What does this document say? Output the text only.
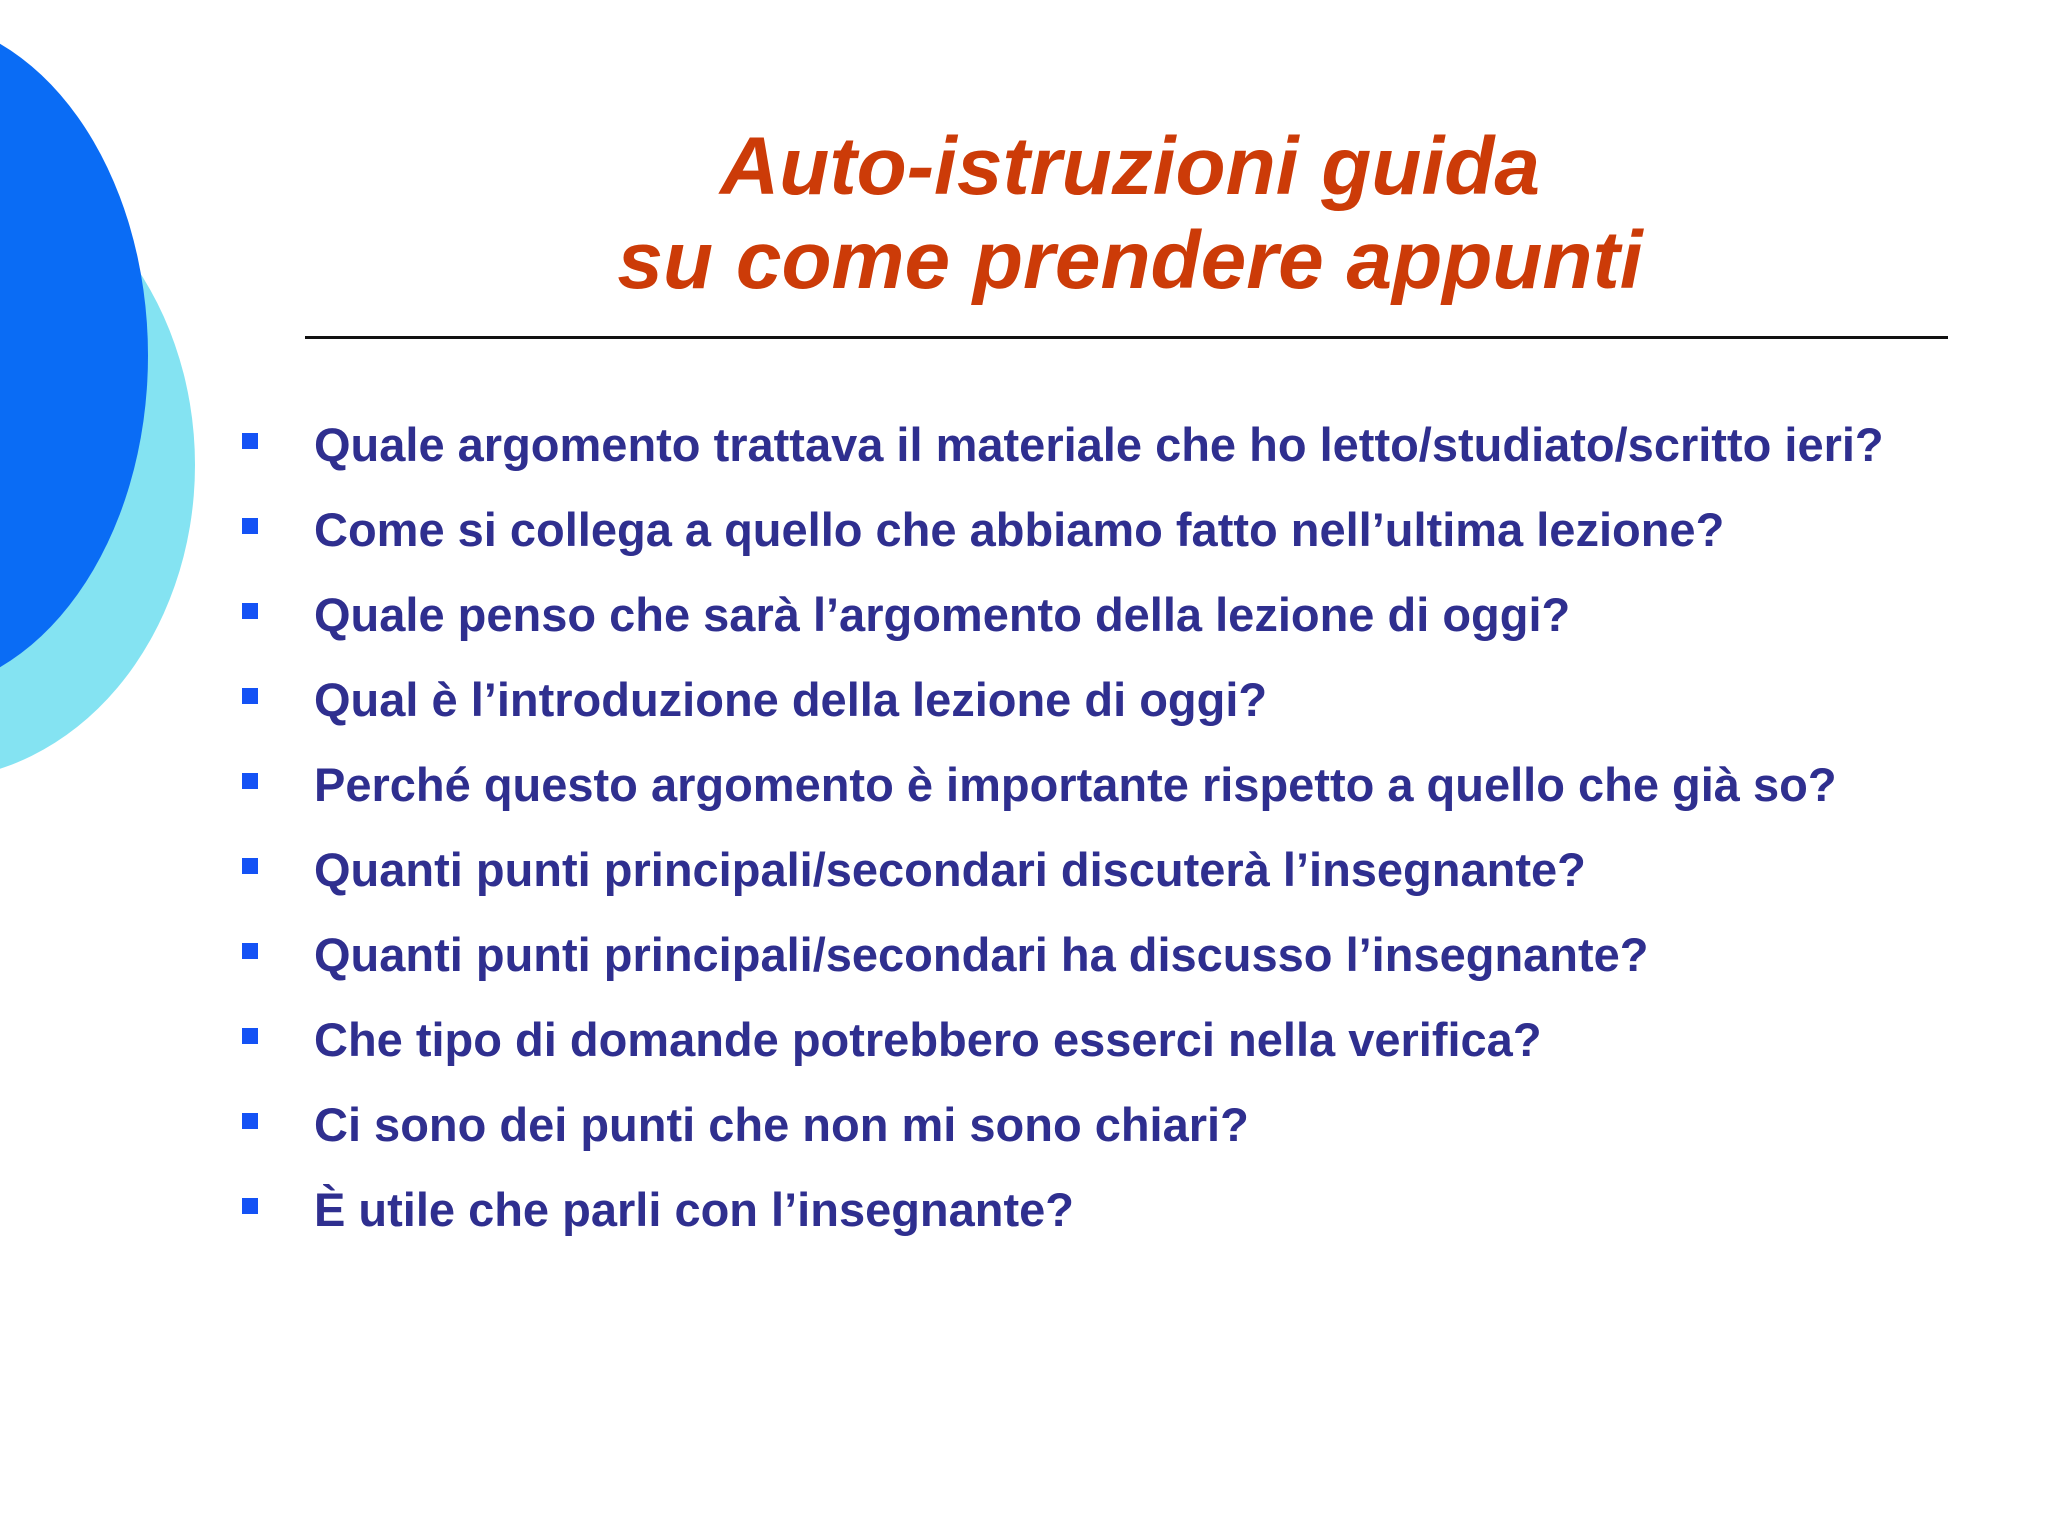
Auto-istruzioni guida
su come prendere appunti
Quale argomento trattava il materiale che ho letto/studiato/scritto ieri?
Come si collega a quello che abbiamo fatto nell’ultima lezione?
Quale penso che sarà l’argomento della lezione di oggi?
Qual è l’introduzione della lezione di oggi?
Perché questo argomento è importante rispetto a quello che già so?
Quanti punti principali/secondari discuterà l’insegnante?
Quanti punti principali/secondari ha discusso l’insegnante?
Che tipo di domande potrebbero esserci nella verifica?
Ci sono dei punti che non mi sono chiari?
È utile che parli con l’insegnante?
